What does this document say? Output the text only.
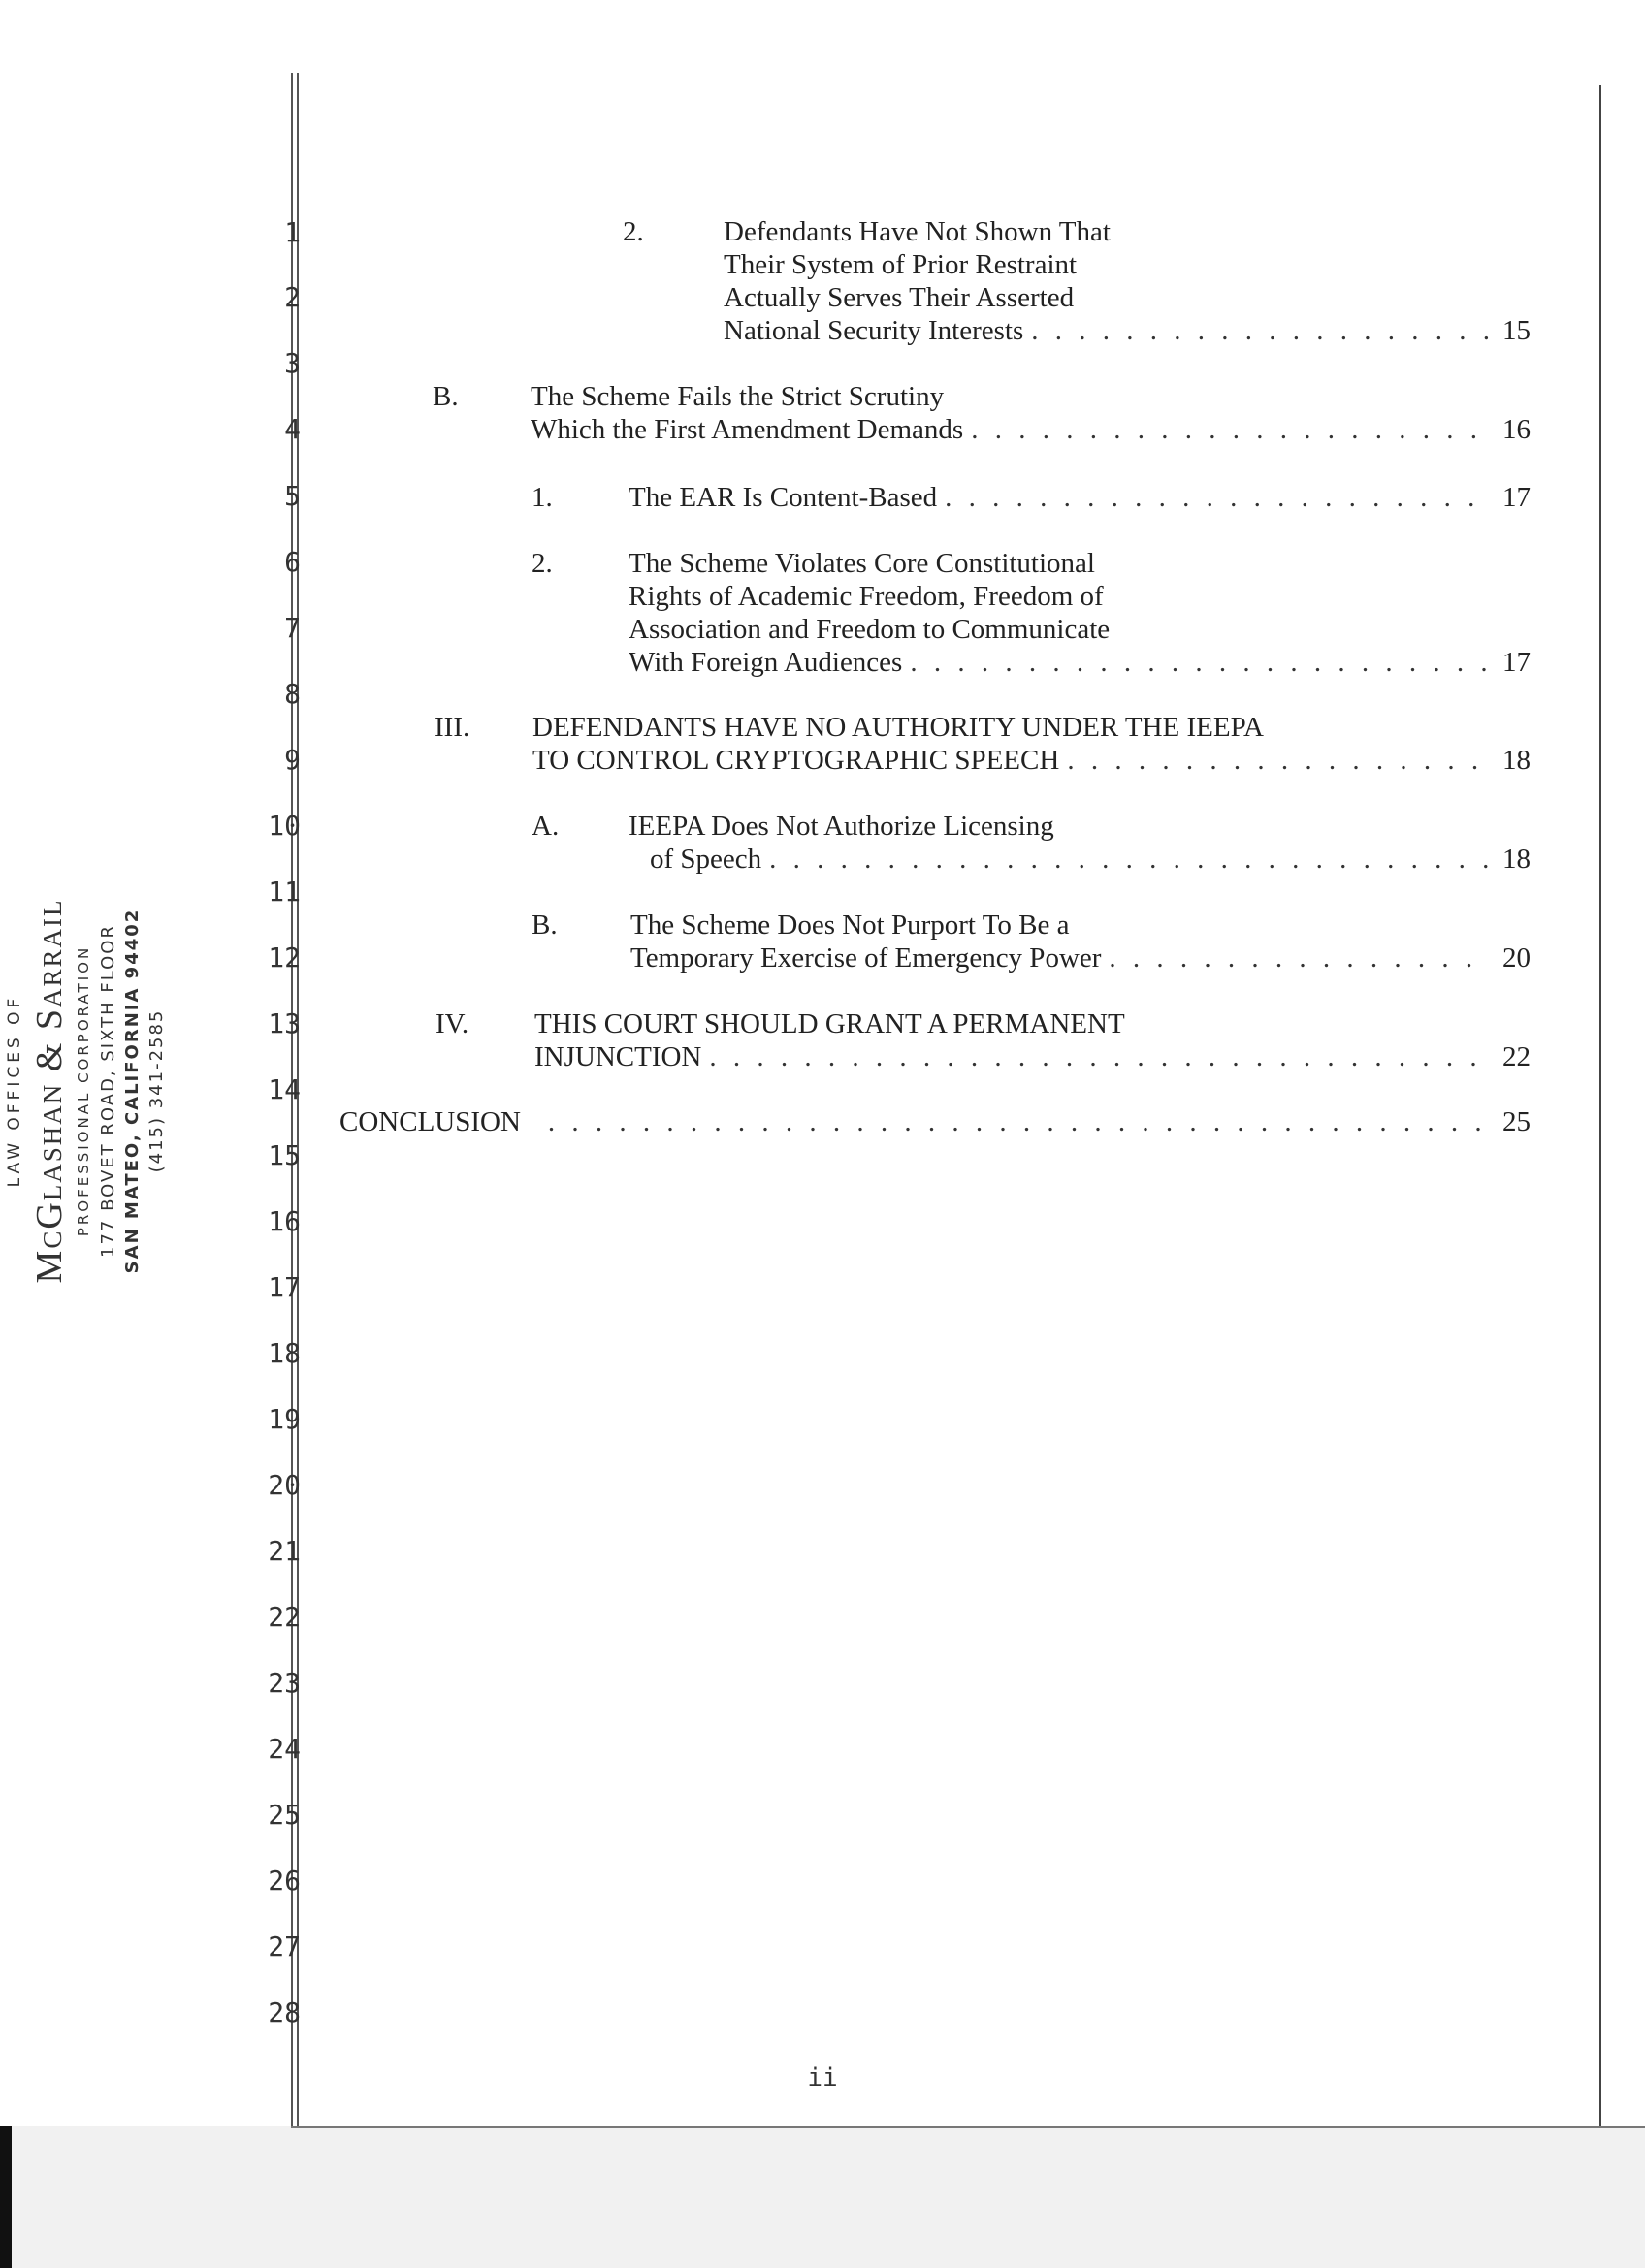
1
2
3
4
5
6
7
8
9
10
11
12
13
14
15
16
17
18
19
20
21
22
23
24
25
26
27
28
LAW OFFICES OF McGlashan & Sarrail PROFESSIONAL CORPORATION 177 BOVET ROAD, SIXTH FLOOR SAN MATEO, CALIFORNIA 94402 (415) 341-2585
2.	Defendants Have Not Shown That
Their System of Prior Restraint
Actually Serves Their Asserted
National Security Interests . . .	15
B.	The Scheme Fails the Strict Scrutiny
Which the First Amendment Demands . . .	16
1.	The EAR Is Content-Based . . .	17
2.	The Scheme Violates Core Constitutional
Rights of Academic Freedom, Freedom of
Association and Freedom to Communicate
With Foreign Audiences . . .	17
III. DEFENDANTS HAVE NO AUTHORITY UNDER THE IEEPA
TO CONTROL CRYPTOGRAPHIC SPEECH . . .	18
A. IEEPA Does Not Authorize Licensing
of Speech . . .	18
B.	The Scheme Does Not Purport To Be a
Temporary Exercise of Emergency Power . . .	20
IV. THIS COURT SHOULD GRANT A PERMANENT
INJUNCTION . . .	22
CONCLUSION . . .	25
ii
